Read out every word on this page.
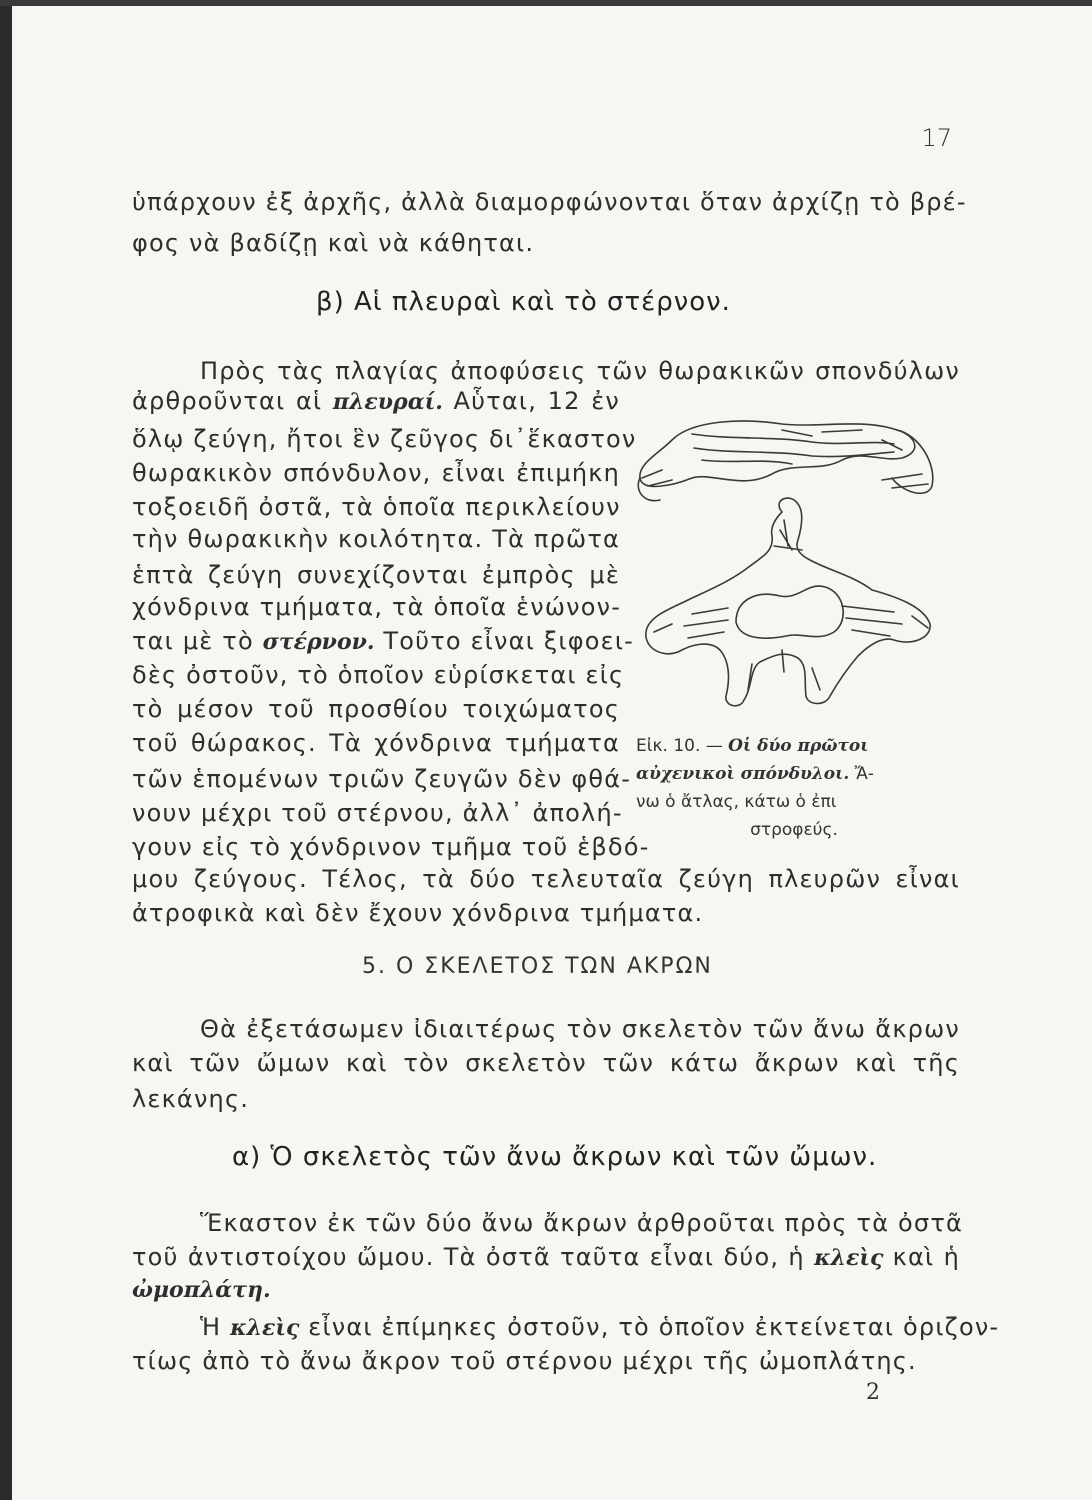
17
ὑπάρχουν ἐξ ἀρχῆς, ἀλλὰ διαμορφώνονται ὅταν ἀρχίζῃ τὸ βρέ-
φος νὰ βαδίζῃ καὶ νὰ κάθηται.
β) Αἱ πλευραὶ καὶ τὸ στέρνον.
Πρὸς τὰς πλαγίας ἀποφύσεις τῶν θωρακικῶν σπονδύλων
ἀρθροῦνται αἱ πλευραί. Αὗται, 12 ἐν
ὅλῳ ζεύγη, ἤτοι ἓν ζεῦγος δι᾿ἕκαστον
θωρακικὸν σπόνδυλον, εἶναι ἐπιμήκη
τοξοειδῆ ὀστᾶ, τὰ ὁποῖα περικλείουν
τὴν θωρακικὴν κοιλότητα. Τὰ πρῶτα
ἑπτὰ ζεύγη συνεχίζονται ἐμπρὸς μὲ
χόνδρινα τμήματα, τὰ ὁποῖα ἑνώνον-
ται μὲ τὸ στέρνον. Τοῦτο εἶναι ξιφοει-
δὲς ὀστοῦν, τὸ ὁποῖον εὑρίσκεται εἰς
τὸ μέσον τοῦ προσθίου τοιχώματος
τοῦ θώρακος. Τὰ χόνδρινα τμήματα
τῶν ἑπομένων τριῶν ζευγῶν δὲν φθά-
νουν μέχρι τοῦ στέρνου, ἀλλ᾿ ἀπολή-
γουν εἰς τὸ χόνδρινον τμῆμα τοῦ ἑβδό-
μου ζεύγους. Τέλος, τὰ δύο τελευταῖα ζεύγη πλευρῶν εἶναι
ἀτροφικὰ καὶ δὲν ἔχουν χόνδρινα τμήματα.
5. Ο ΣΚΕΛΕΤΟΣ ΤΩΝ ΑΚΡΩΝ
Θὰ ἐξετάσωμεν ἰδιαιτέρως τὸν σκελετὸν τῶν ἄνω ἄκρων
καὶ τῶν ὤμων καὶ τὸν σκελετὸν τῶν κάτω ἄκρων καὶ τῆς
λεκάνης.
α) Ὁ σκελετὸς τῶν ἄνω ἄκρων καὶ τῶν ὤμων.
Ἕκαστον ἐκ τῶν δύο ἄνω ἄκρων ἀρθροῦται πρὸς τὰ ὀστᾶ
τοῦ ἀντιστοίχου ὤμου. Τὰ ὀστᾶ ταῦτα εἶναι δύο, ἡ κλεὶς καὶ ἡ
ὠμοπλάτη.
Ἡ κλεὶς εἶναι ἐπίμηκες ὀστοῦν, τὸ ὁποῖον ἐκτείνεται ὁριζον-
τίως ἀπὸ τὸ ἄνω ἄκρον τοῦ στέρνου μέχρι τῆς ὠμοπλάτης.
2
Εἰκ. 10. — Οἱ δύο πρῶτοι
αὐχενικοὶ σπόνδυλοι. Ἄ-
νω ὁ ἄτλας, κάτω ὁ ἐπι
στροφεύς.
